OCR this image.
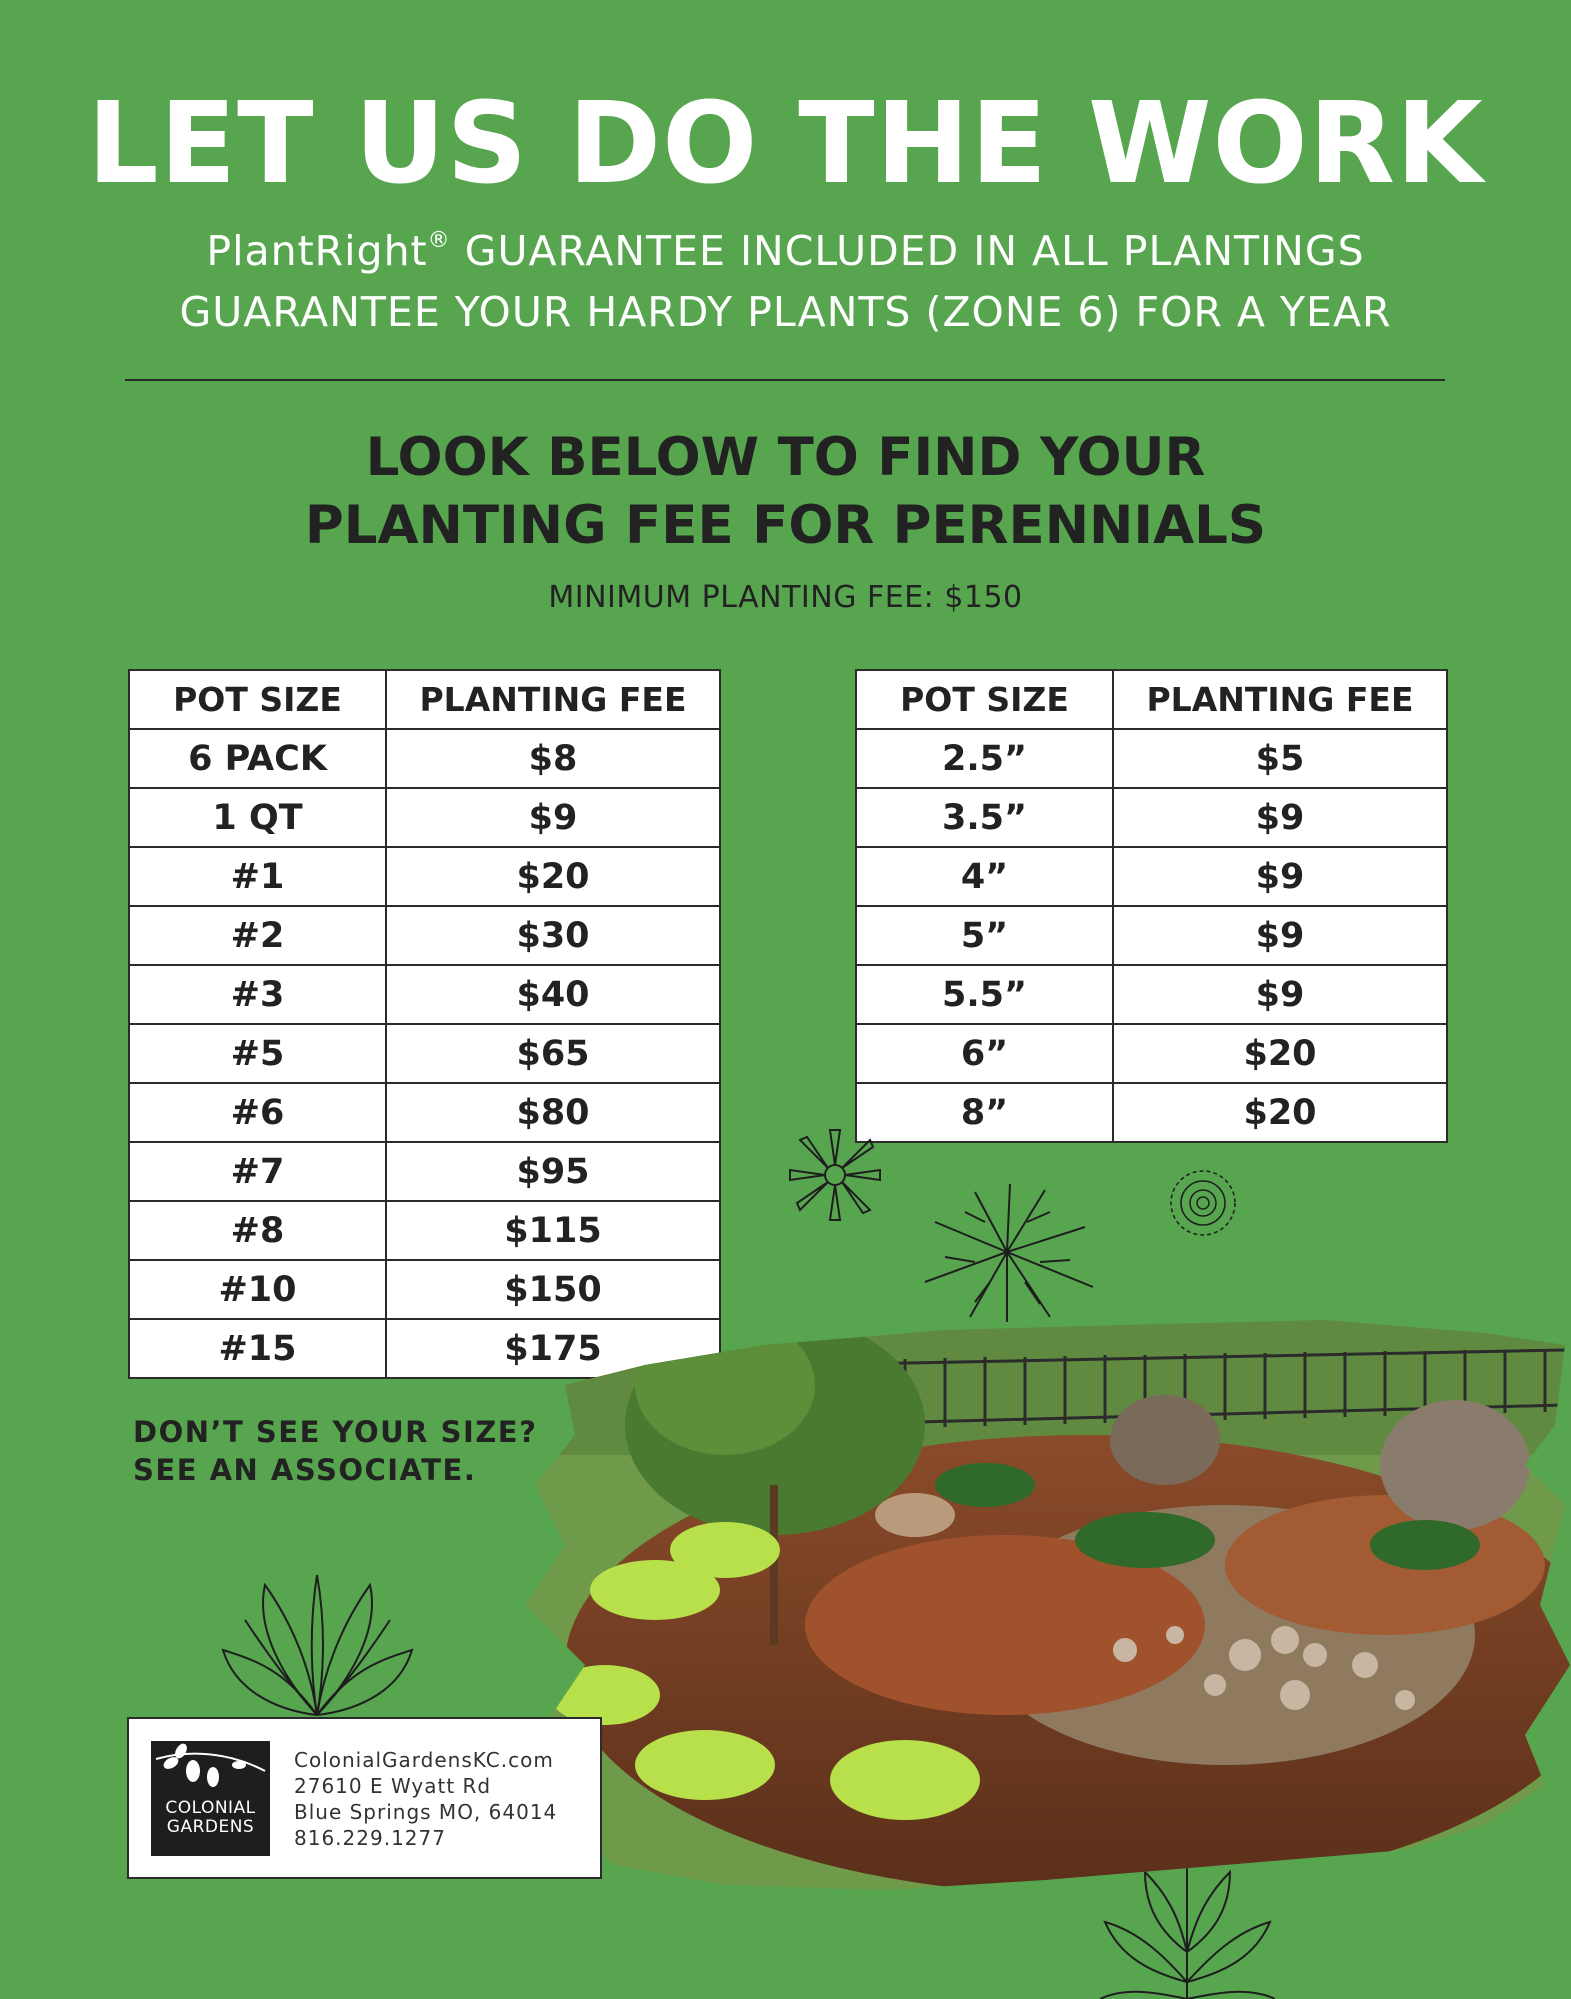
LET US DO THE WORK
PlantRight® GUARANTEE INCLUDED IN ALL PLANTINGS
GUARANTEE YOUR HARDY PLANTS (ZONE 6) FOR A YEAR
LOOK BELOW TO FIND YOUR
PLANTING FEE FOR PERENNIALS
MINIMUM PLANTING FEE: $150
POT SIZE	PLANTING FEE
6 PACK	$8
1 QT	$9
#1	$20
#2	$30
#3	$40
#5	$65
#6	$80
#7	$95
#8	$115
#10	$150
#15	$175
POT SIZE	PLANTING FEE
2.5”	$5
3.5”	$9
4”	$9
5”	$9
5.5”	$9
6”	$20
8”	$20
DON’T SEE YOUR SIZE?
SEE AN ASSOCIATE.
COLONIAL
GARDENS
ColonialGardensKC.com
27610 E Wyatt Rd
Blue Springs MO, 64014
816.229.1277
